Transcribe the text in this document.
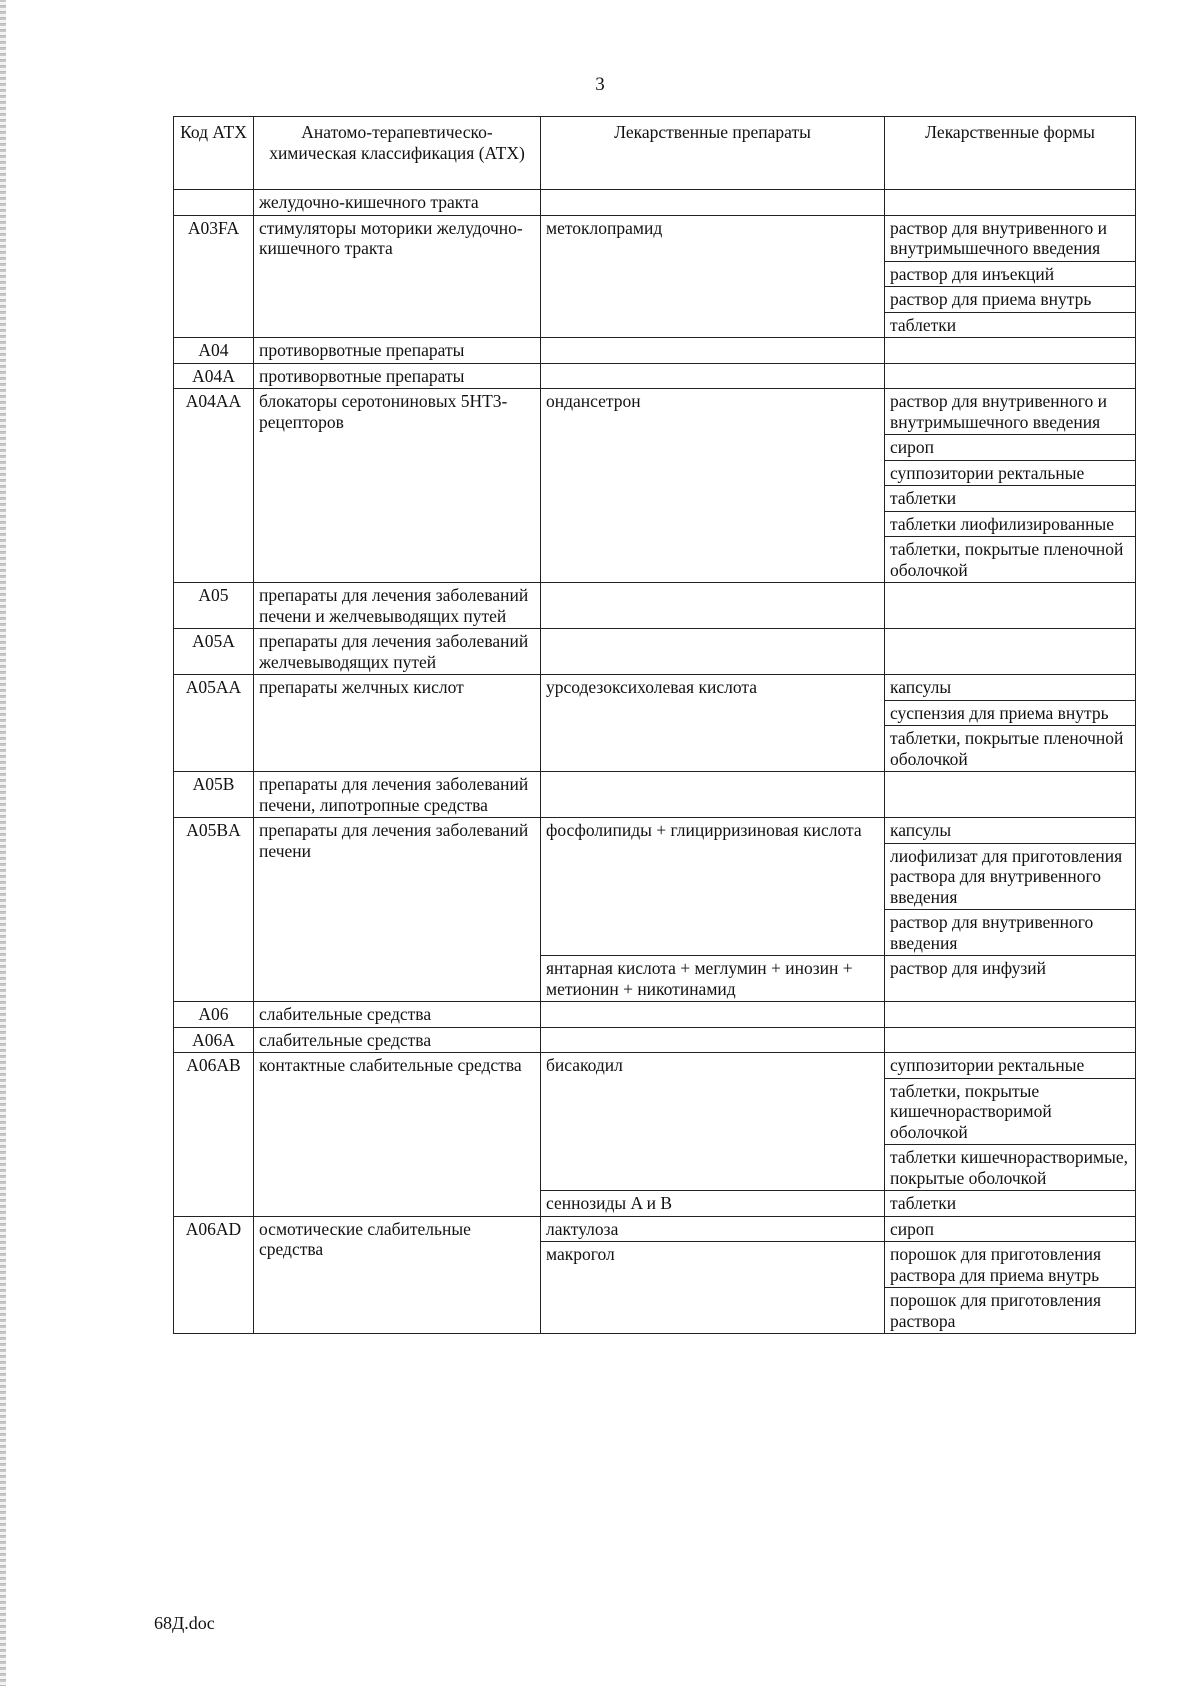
3
Код АТХ	Анатомо-терапевтическо-химическая классификация (АТХ)	Лекарственные препараты	Лекарственные формы
	желудочно-кишечного тракта		
A03FA	стимуляторы моторики желудочно-кишечного тракта	метоклопрамид	раствор для внутривенного и внутримышечного введения
			раствор для инъекций
			раствор для приема внутрь
			таблетки
A04	противорвотные препараты		
A04A	противорвотные препараты		
A04AA	блокаторы серотониновых 5HT3-рецепторов	ондансетрон	раствор для внутривенного и внутримышечного введения
			сироп
			суппозитории ректальные
			таблетки
			таблетки лиофилизированные
			таблетки, покрытые пленочной оболочкой
A05	препараты для лечения заболеваний печени и желчевыводящих путей		
A05A	препараты для лечения заболеваний желчевыводящих путей		
A05AA	препараты желчных кислот	урсодезоксихолевая кислота	капсулы
			суспензия для приема внутрь
			таблетки, покрытые пленочной оболочкой
A05B	препараты для лечения заболеваний печени, липотропные средства		
A05BA	препараты для лечения заболеваний печени	фосфолипиды + глицирризиновая кислота	капсулы
			лиофилизат для приготовления раствора для внутривенного введения
			раствор для внутривенного введения
		янтарная кислота + меглумин + инозин + метионин + никотинамид	раствор для инфузий
A06	слабительные средства		
A06A	слабительные средства		
A06AB	контактные слабительные средства	бисакодил	суппозитории ректальные
			таблетки, покрытые кишечнорастворимой оболочкой
			таблетки кишечнорастворимые, покрытые оболочкой
		сеннозиды A и B	таблетки
A06AD	осмотические слабительные средства	лактулоза	сироп
		макрогол	порошок для приготовления раствора для приема внутрь
			порошок для приготовления раствора
68Д.doc
